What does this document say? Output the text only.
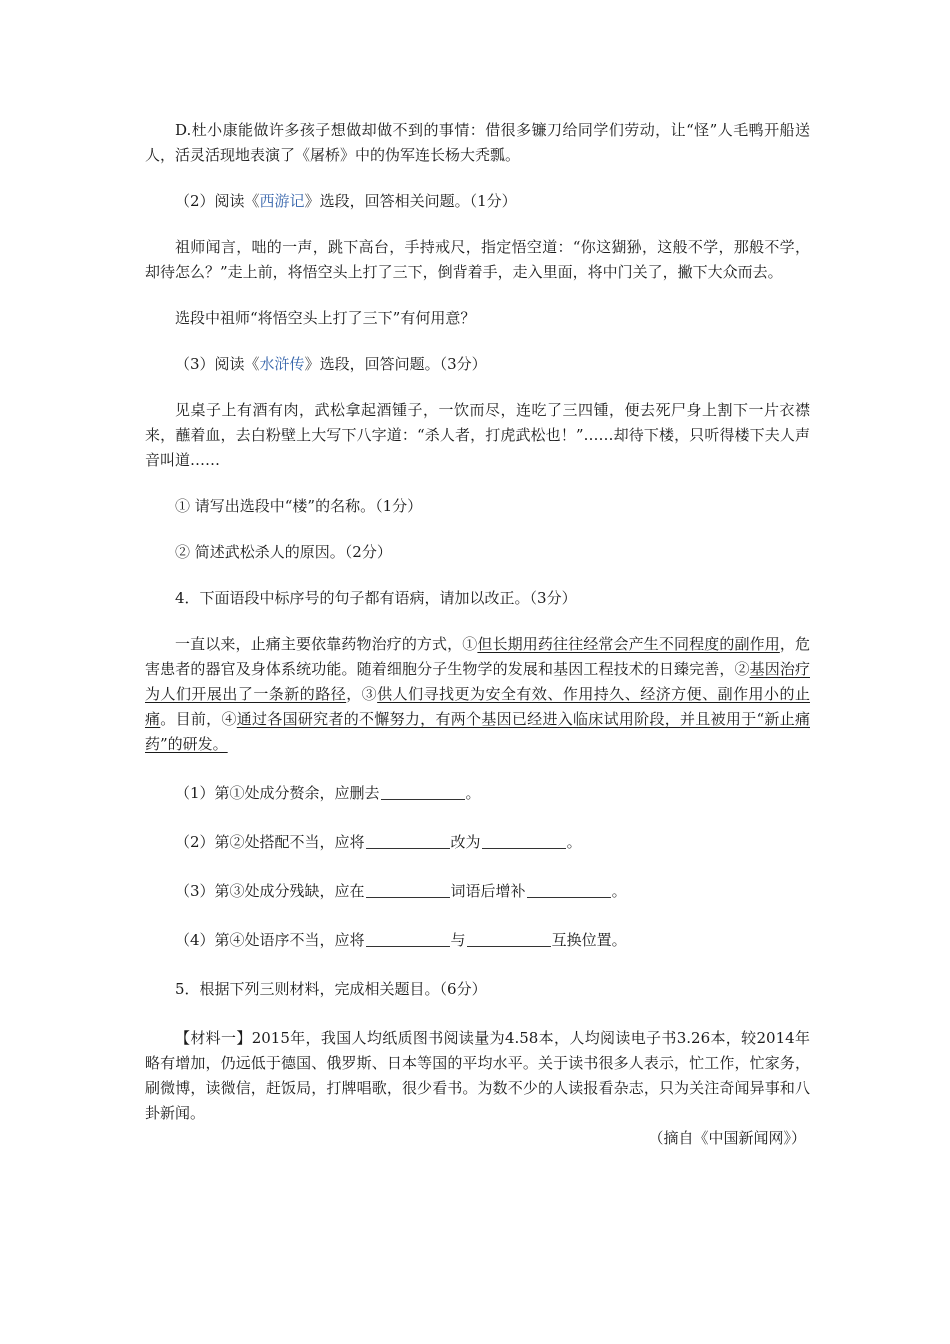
D.杜小康能做许多孩子想做却做不到的事情：借很多镰刀给同学们劳动，让“怪”人毛鸭开船送人，活灵活现地表演了《屠桥》中的伪军连长杨大秃瓢。

（2）阅读《西游记》选段，回答相关问题。（1分）

祖师闻言，咄的一声，跳下高台，手持戒尺，指定悟空道：“你这猢狲，这般不学，那般不学，却待怎么？”走上前，将悟空头上打了三下，倒背着手，走入里面，将中门关了，撇下大众而去。

选段中祖师“将悟空头上打了三下”有何用意？

（3）阅读《水浒传》选段，回答问题。（3分）

见桌子上有酒有肉，武松拿起酒锺子，一饮而尽，连吃了三四锺，便去死尸身上割下一片衣襟来，蘸着血，去白粉壁上大写下八字道：“杀人者，打虎武松也！”……却待下楼，只听得楼下夫人声音叫道……

① 请写出选段中“楼”的名称。（1分）

② 简述武松杀人的原因。（2分）

4．下面语段中标序号的句子都有语病，请加以改正。（3分）

一直以来，止痛主要依靠药物治疗的方式，①但长期用药往往经常会产生不同程度的副作用，危害患者的器官及身体系统功能。随着细胞分子生物学的发展和基因工程技术的日臻完善，②基因治疗为人们开展出了一条新的路径，③供人们寻找更为安全有效、作用持久、经济方便、副作用小的止痛。目前，④通过各国研究者的不懈努力，有两个基因已经进入临床试用阶段，并且被用于“新止痛药”的研发。

（1）第①处成分赘余，应删去	。

（2）第②处搭配不当，应将	改为	。

（3）第③处成分残缺，应在	词语后增补	。

（4）第④处语序不当，应将	与	互换位置。

5．根据下列三则材料，完成相关题目。（6分）

【材料一】2015年，我国人均纸质图书阅读量为4.58本，人均阅读电子书3.26本，较2014年略有增加，仍远低于德国、俄罗斯、日本等国的平均水平。关于读书很多人表示，忙工作，忙家务，刷微博，读微信，赶饭局，打牌唱歌，很少看书。为数不少的人读报看杂志，只为关注奇闻异事和八卦新闻。

（摘自《中国新闻网》）
